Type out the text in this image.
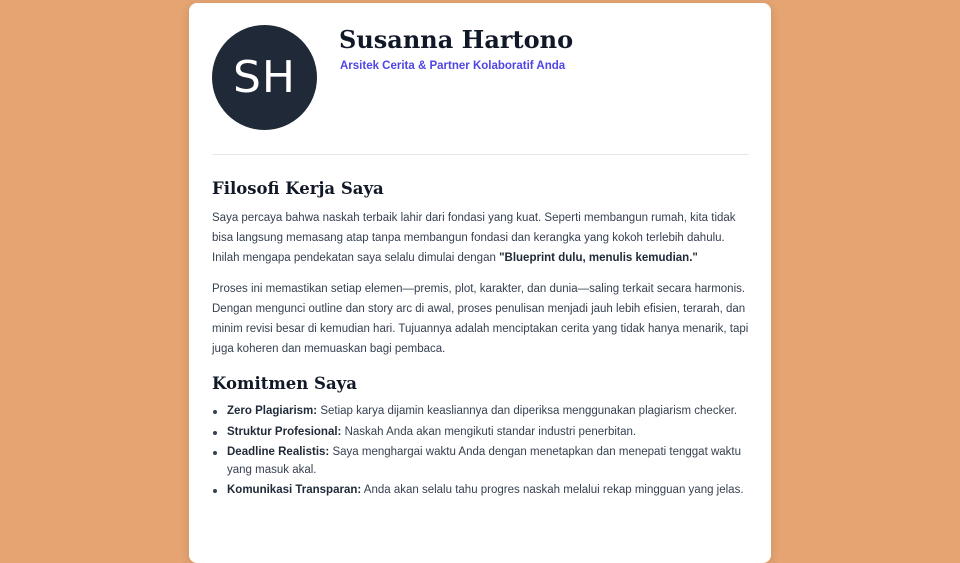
SH
Susanna Hartono

Arsitek Cerita & Partner Kolaboratif Anda

Filosofi Kerja Saya

Saya percaya bahwa naskah terbaik lahir dari fondasi yang kuat. Seperti membangun rumah, kita tidak bisa langsung memasang atap tanpa membangun fondasi dan kerangka yang kokoh terlebih dahulu. Inilah mengapa pendekatan saya selalu dimulai dengan "Blueprint dulu, menulis kemudian."

Proses ini memastikan setiap elemen—premis, plot, karakter, dan dunia—saling terkait secara harmonis. Dengan mengunci outline dan story arc di awal, proses penulisan menjadi jauh lebih efisien, terarah, dan minim revisi besar di kemudian hari. Tujuannya adalah menciptakan cerita yang tidak hanya menarik, tapi juga koheren dan memuaskan bagi pembaca.

Komitmen Saya
Zero Plagiarism: Setiap karya dijamin keasliannya dan diperiksa menggunakan plagiarism checker.
Struktur Profesional: Naskah Anda akan mengikuti standar industri penerbitan.
Deadline Realistis: Saya menghargai waktu Anda dengan menetapkan dan menepati tenggat waktu yang masuk akal.
Komunikasi Transparan: Anda akan selalu tahu progres naskah melalui rekap mingguan yang jelas.
